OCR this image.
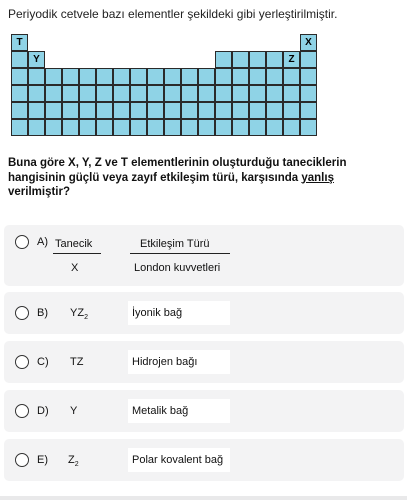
Periyodik cetvele bazı elementler şekildeki gibi yerleştirilmiştir.
T	X
Y	Z
Buna göre X, Y, Z ve T elementlerinin oluşturduğu taneciklerin hangisinin güçlü veya zayıf etkileşim türü, karşısında yanlış verilmiştir?
A) Tanecik	Etkileşim Türü
X	London kuvvetleri
B) $YZ_2$	İyonik bağ
C) TZ	Hidrojen bağı
D) Y	Metalik bağ
E) $Z_2$	Polar kovalent bağ
